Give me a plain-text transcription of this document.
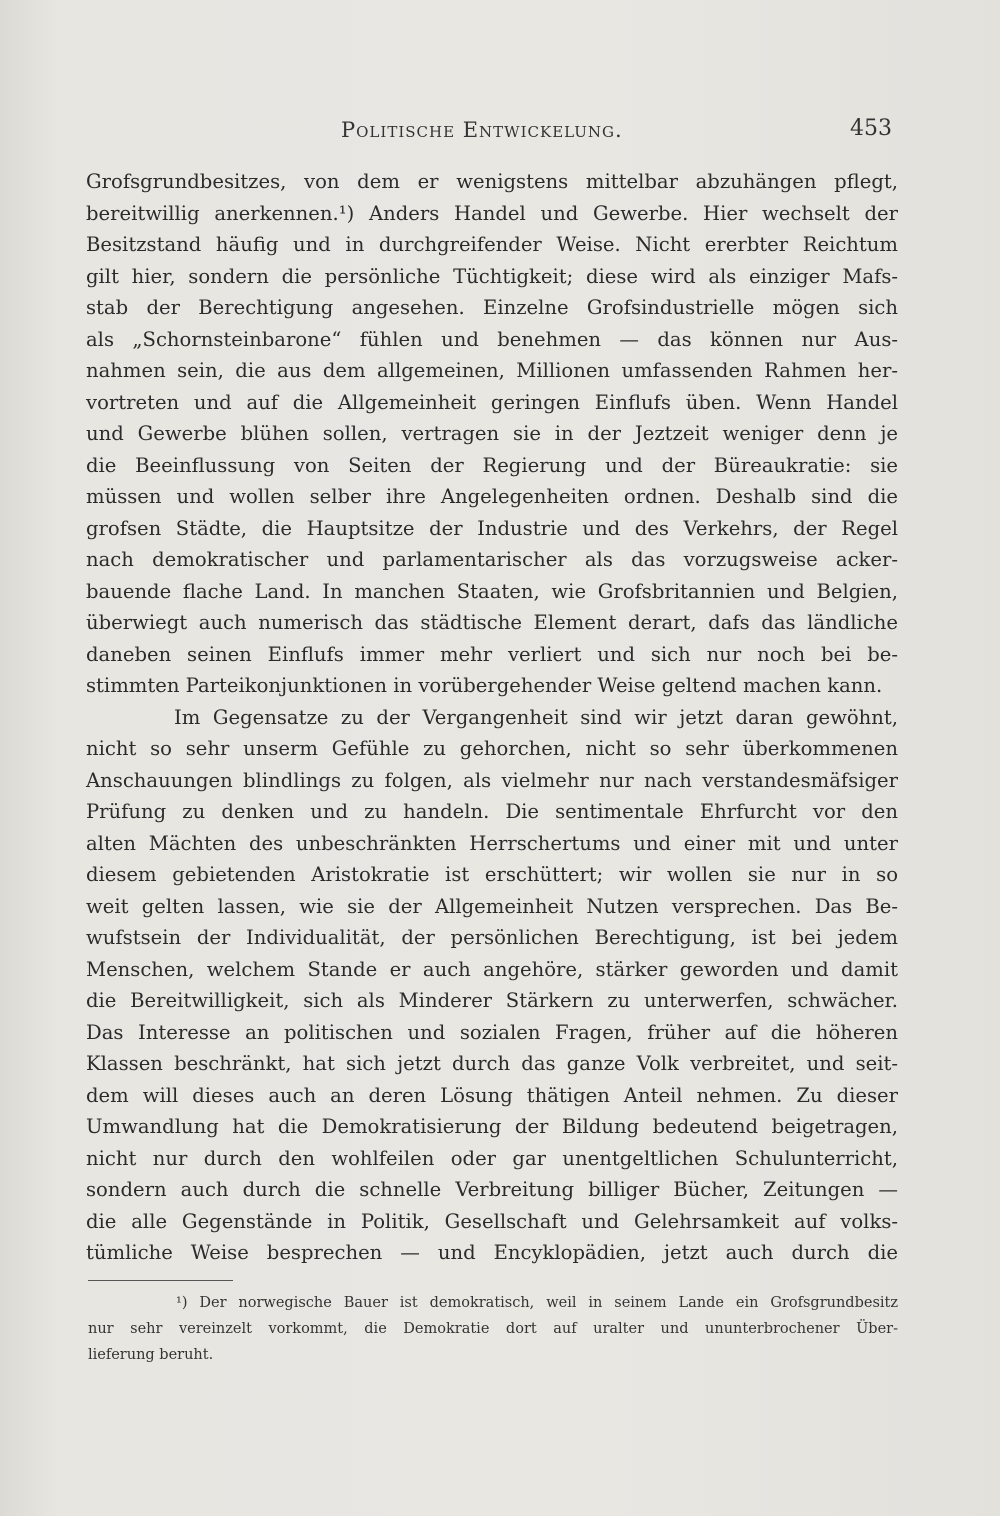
Politische Entwickelung.	453
Grofsgrundbesitzes, von dem er wenigstens mittelbar abzuhängen pflegt,
bereitwillig anerkennen.¹) Anders Handel und Gewerbe. Hier wechselt der
Besitzstand häufig und in durchgreifender Weise. Nicht ererbter Reichtum
gilt hier, sondern die persönliche Tüchtigkeit; diese wird als einziger Mafs-
stab der Berechtigung angesehen. Einzelne Grofsindustrielle mögen sich
als „Schornsteinbarone“ fühlen und benehmen — das können nur Aus-
nahmen sein, die aus dem allgemeinen, Millionen umfassenden Rahmen her-
vortreten und auf die Allgemeinheit geringen Einflufs üben. Wenn Handel
und Gewerbe blühen sollen, vertragen sie in der Jeztzeit weniger denn je
die Beeinflussung von Seiten der Regierung und der Büreaukratie: sie
müssen und wollen selber ihre Angelegenheiten ordnen. Deshalb sind die
grofsen Städte, die Hauptsitze der Industrie und des Verkehrs, der Regel
nach demokratischer und parlamentarischer als das vorzugsweise acker-
bauende flache Land. In manchen Staaten, wie Grofsbritannien und Belgien,
überwiegt auch numerisch das städtische Element derart, dafs das ländliche
daneben seinen Einflufs immer mehr verliert und sich nur noch bei be-
stimmten Parteikonjunktionen in vorübergehender Weise geltend machen kann.
Im Gegensatze zu der Vergangenheit sind wir jetzt daran gewöhnt,
nicht so sehr unserm Gefühle zu gehorchen, nicht so sehr überkommenen
Anschauungen blindlings zu folgen, als vielmehr nur nach verstandesmäfsiger
Prüfung zu denken und zu handeln. Die sentimentale Ehrfurcht vor den
alten Mächten des unbeschränkten Herrschertums und einer mit und unter
diesem gebietenden Aristokratie ist erschüttert; wir wollen sie nur in so
weit gelten lassen, wie sie der Allgemeinheit Nutzen versprechen. Das Be-
wufstsein der Individualität, der persönlichen Berechtigung, ist bei jedem
Menschen, welchem Stande er auch angehöre, stärker geworden und damit
die Bereitwilligkeit, sich als Minderer Stärkern zu unterwerfen, schwächer.
Das Interesse an politischen und sozialen Fragen, früher auf die höheren
Klassen beschränkt, hat sich jetzt durch das ganze Volk verbreitet, und seit-
dem will dieses auch an deren Lösung thätigen Anteil nehmen. Zu dieser
Umwandlung hat die Demokratisierung der Bildung bedeutend beigetragen,
nicht nur durch den wohlfeilen oder gar unentgeltlichen Schulunterricht,
sondern auch durch die schnelle Verbreitung billiger Bücher, Zeitungen —
die alle Gegenstände in Politik, Gesellschaft und Gelehrsamkeit auf volks-
tümliche Weise besprechen — und Encyklopädien, jetzt auch durch die
¹) Der norwegische Bauer ist demokratisch, weil in seinem Lande ein Grofsgrundbesitz
nur sehr vereinzelt vorkommt, die Demokratie dort auf uralter und ununterbrochener Über-
lieferung beruht.
